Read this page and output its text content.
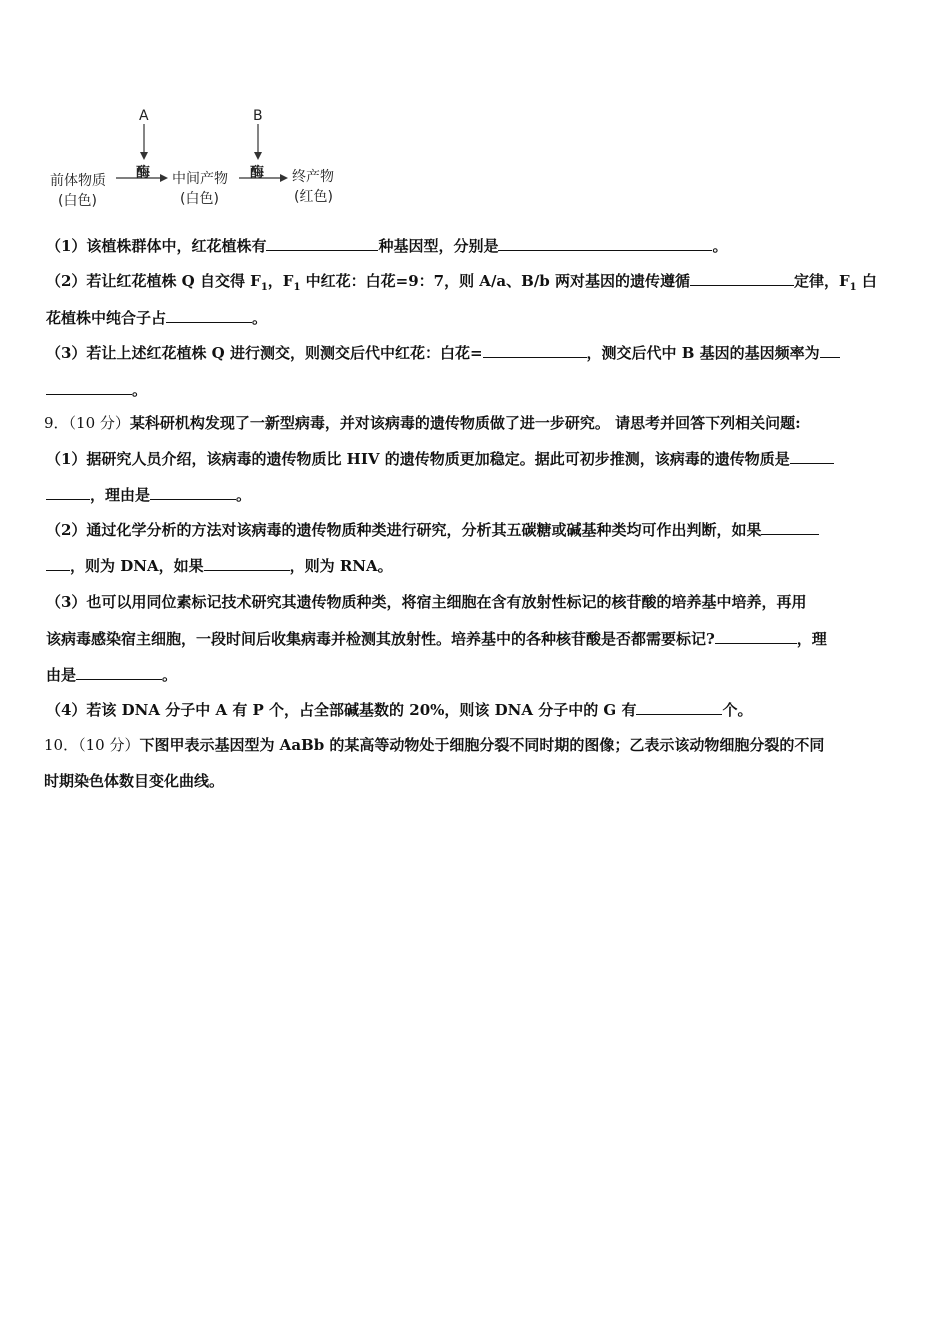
A	B
酶	酶
前体物质
(白色)
中间产物
(白色)
终产物
(红色)
（1）该植株群体中，红花植株有	种基因型，分别是	。
（2）若让红花植株 Q 自交得 $F_1$，$F_1$ 中红花：白花=9：7，则 A/a、B/b 两对基因的遗传遵循	定律，$F_1$ 白
花植株中纯合子占	。
（3）若让上述红花植株 Q 进行测交，则测交后代中红花：白花=	，测交后代中 B 基因的基因频率为
。
9．（10 分）某科研机构发现了一新型病毒，并对该病毒的遗传物质做了进一步研究。 请思考并回答下列相关问题:
（1）据研究人员介绍，该病毒的遗传物质比 HIV 的遗传物质更加稳定。据此可初步推测，该病毒的遗传物质是
，理由是	。
（2）通过化学分析的方法对该病毒的遗传物质种类进行研究，分析其五碳糖或碱基种类均可作出判断，如果
，则为 DNA，如果	，则为 RNA。
（3）也可以用同位素标记技术研究其遗传物质种类，将宿主细胞在含有放射性标记的核苷酸的培养基中培养，再用
该病毒感染宿主细胞，一段时间后收集病毒并检测其放射性。培养基中的各种核苷酸是否都需要标记?	，理
由是	。
（4）若该 DNA 分子中 A 有 P 个，占全部碱基数的 20%，则该 DNA 分子中的 G 有	个。
10．（10 分）下图甲表示基因型为 AaBb 的某高等动物处于细胞分裂不同时期的图像；乙表示该动物细胞分裂的不同
时期染色体数目变化曲线。
